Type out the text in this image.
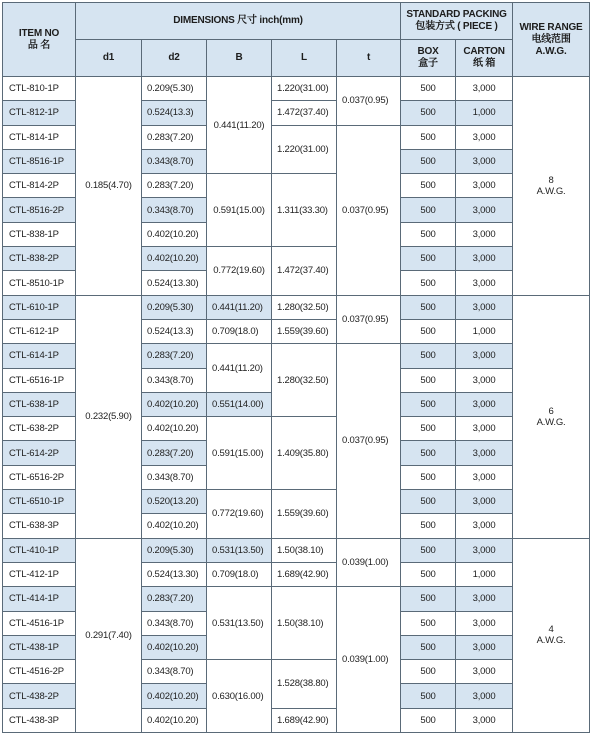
ITEM NO
品 名	DIMENSIONS 尺寸 inch(mm)					STANDARD PACKING
包装方式 ( PIECE )		WIRE RANGE
电线范围
A.W.G.
	d1	d2	B	L	t	BOX
盒子	CARTON
纸 箱	
CTL-810-1P	0.185(4.70)	0.209(5.30)	0.441(11.20)	1.220(31.00)	0.037(0.95)	500	3,000	8
A.W.G.
CTL-812-1P		0.524(13.3)		1.472(37.40)		500	1,000	
CTL-814-1P		0.283(7.20)		1.220(31.00)	0.037(0.95)	500	3,000	
CTL-8516-1P		0.343(8.70)				500	3,000	
CTL-814-2P		0.283(7.20)	0.591(15.00)	1.311(33.30)		500	3,000	
CTL-8516-2P		0.343(8.70)				500	3,000	
CTL-838-1P		0.402(10.20)				500	3,000	
CTL-838-2P		0.402(10.20)	0.772(19.60)	1.472(37.40)		500	3,000	
CTL-8510-1P		0.524(13.30)				500	3,000	
CTL-610-1P	0.232(5.90)	0.209(5.30)	0.441(11.20)	1.280(32.50)	0.037(0.95)	500	3,000	6
A.W.G.
CTL-612-1P		0.524(13.3)	0.709(18.0)	1.559(39.60)		500	1,000	
CTL-614-1P		0.283(7.20)	0.441(11.20)	1.280(32.50)	0.037(0.95)	500	3,000	
CTL-6516-1P		0.343(8.70)				500	3,000	
CTL-638-1P		0.402(10.20)	0.551(14.00)			500	3,000	
CTL-638-2P		0.402(10.20)	0.591(15.00)	1.409(35.80)		500	3,000	
CTL-614-2P		0.283(7.20)				500	3,000	
CTL-6516-2P		0.343(8.70)				500	3,000	
CTL-6510-1P		0.520(13.20)	0.772(19.60)	1.559(39.60)		500	3,000	
CTL-638-3P		0.402(10.20)				500	3,000	
CTL-410-1P	0.291(7.40)	0.209(5.30)	0.531(13.50)	1.50(38.10)	0.039(1.00)	500	3,000	4
A.W.G.
CTL-412-1P		0.524(13.30)	0.709(18.0)	1.689(42.90)		500	1,000	
CTL-414-1P		0.283(7.20)	0.531(13.50)	1.50(38.10)	0.039(1.00)	500	3,000	
CTL-4516-1P		0.343(8.70)				500	3,000	
CTL-438-1P		0.402(10.20)				500	3,000	
CTL-4516-2P		0.343(8.70)	0.630(16.00)	1.528(38.80)		500	3,000	
CTL-438-2P		0.402(10.20)				500	3,000	
CTL-438-3P		0.402(10.20)		1.689(42.90)		500	3,000	
